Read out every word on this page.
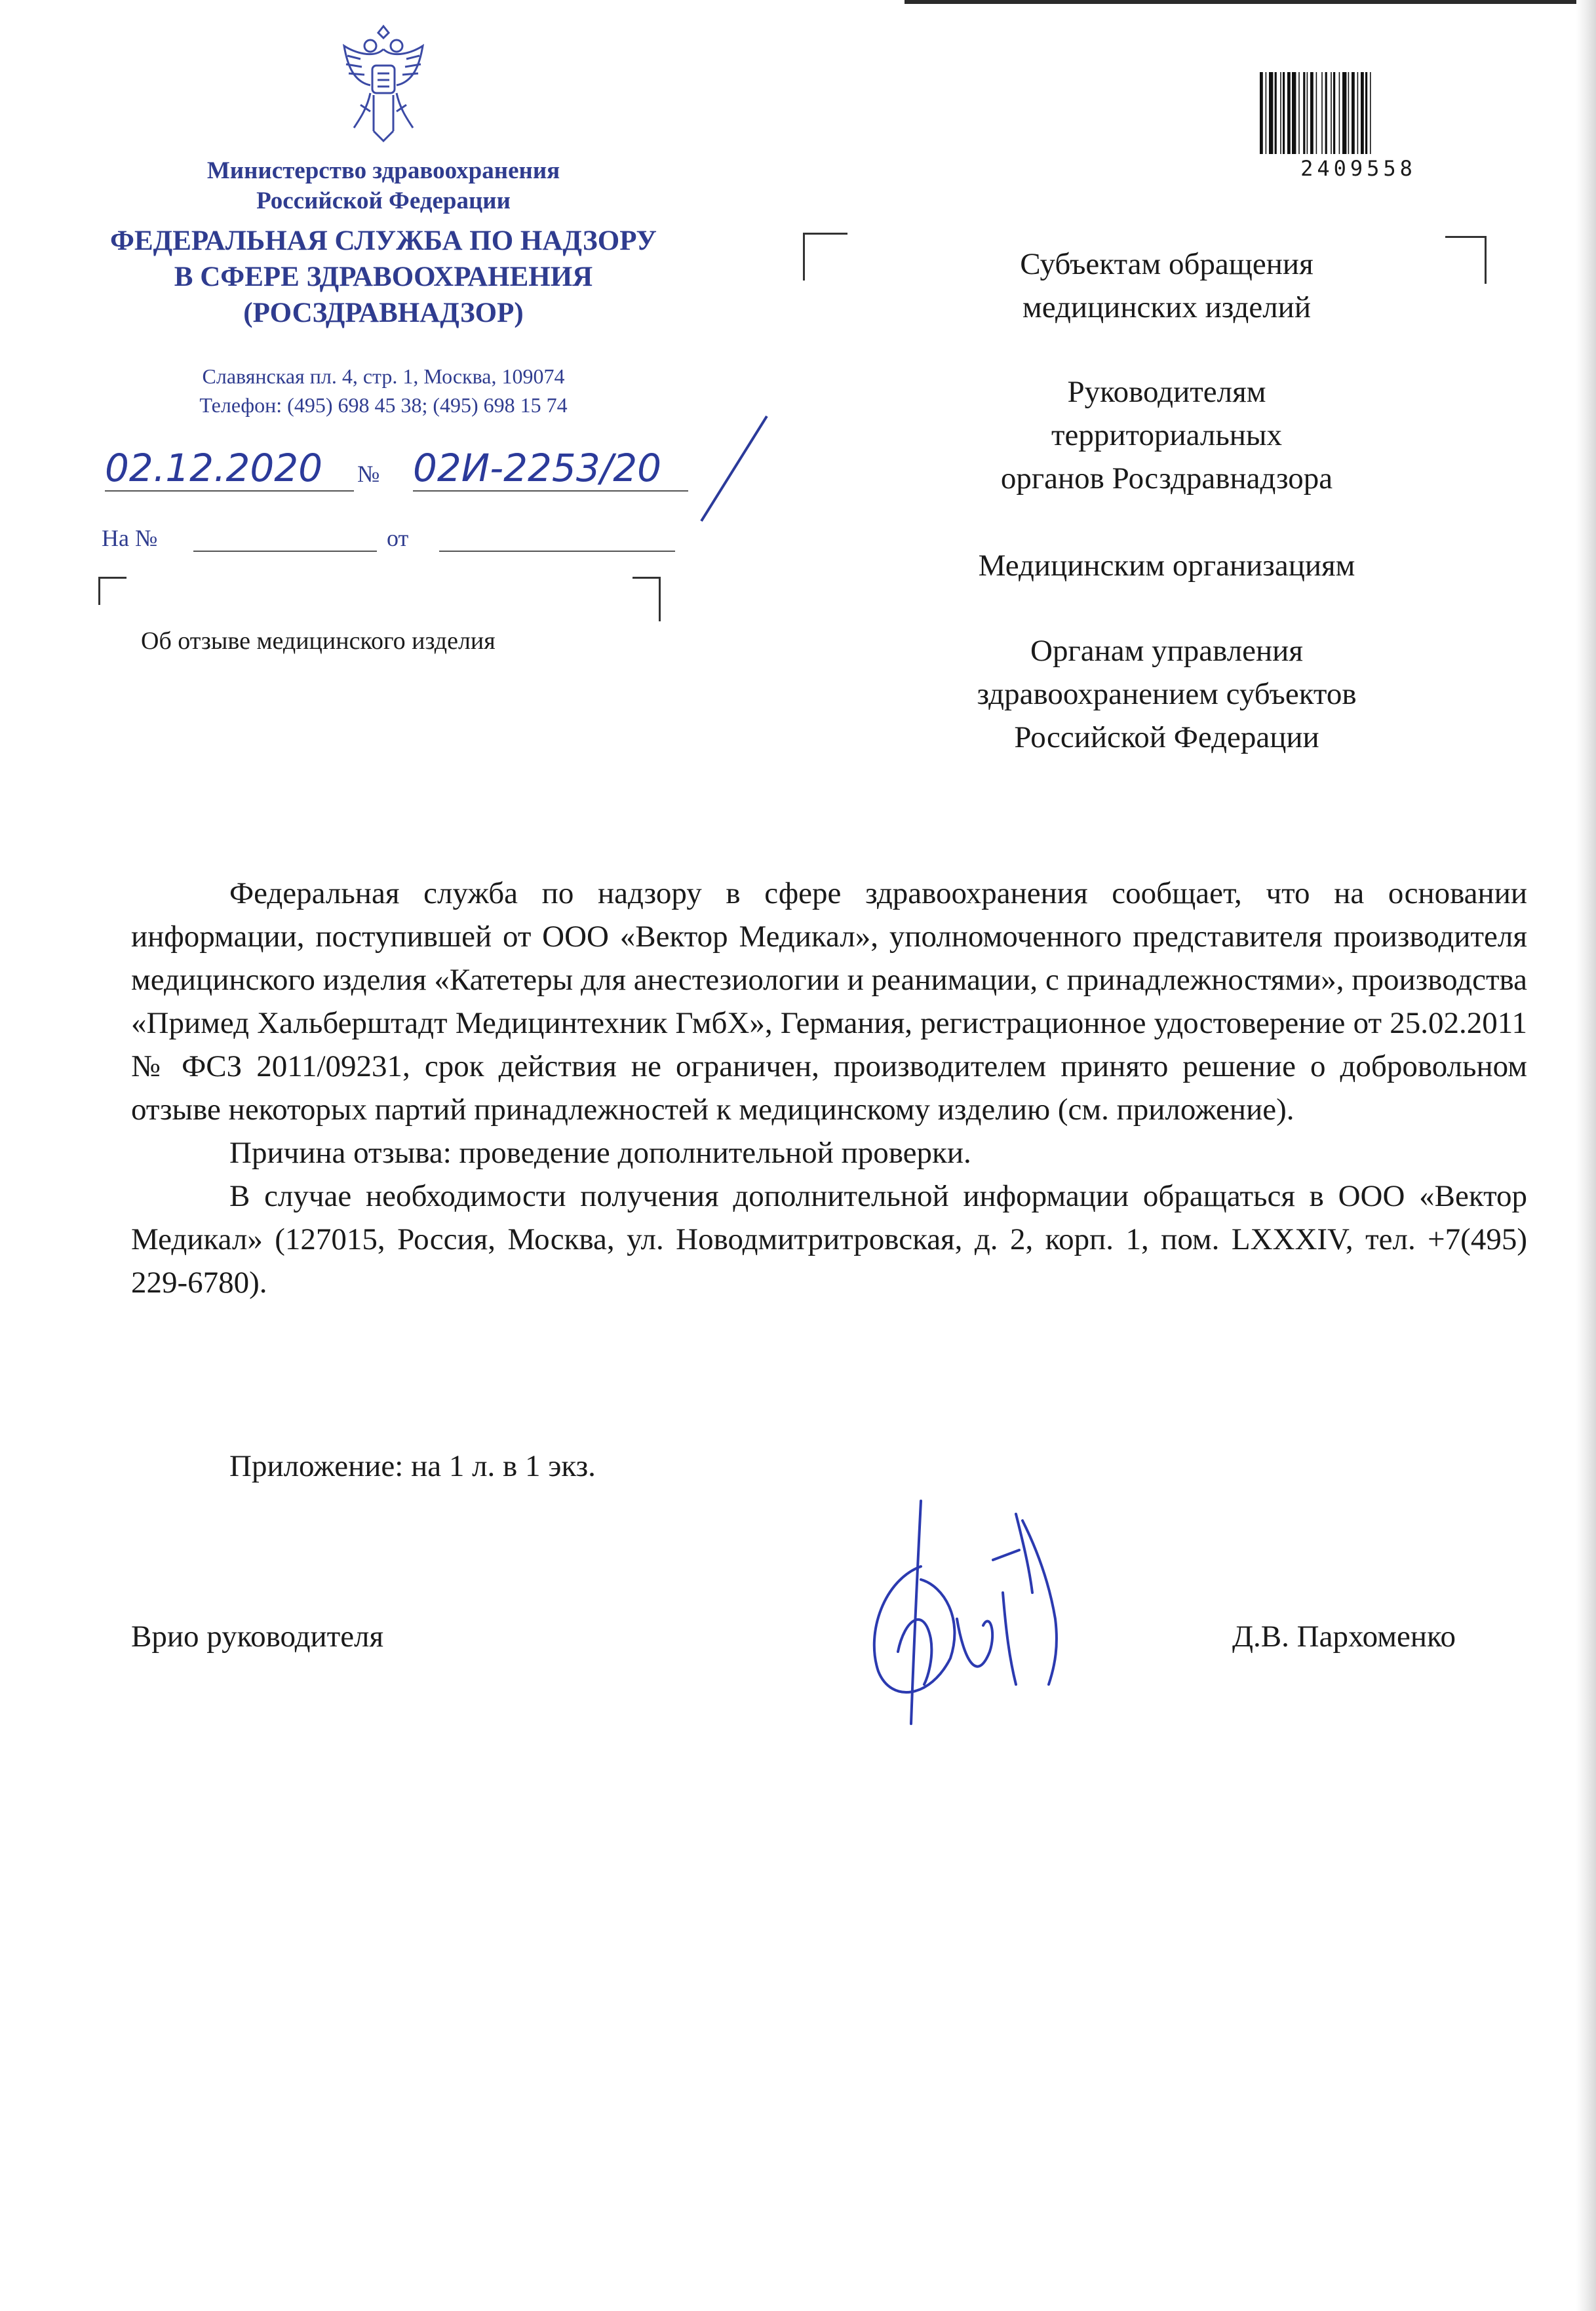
Министерство здравоохранения
Российской Федерации
ФЕДЕРАЛЬНАЯ СЛУЖБА ПО НАДЗОРУ
В СФЕРЕ ЗДРАВООХРАНЕНИЯ
(РОСЗДРАВНАДЗОР)
Славянская пл. 4, стр. 1, Москва, 109074
Телефон: (495) 698 45 38; (495) 698 15 74
02.12.2020	№ 02И-2253/20
На №	от
Об отзыве медицинского изделия
2409558
Субъектам обращения
медицинских изделий
Руководителям
территориальных
органов Росздравнадзора
Медицинским организациям
Органам управления
здравоохранением субъектов
Российской Федерации

Федеральная служба по надзору в сфере здравоохранения сообщает, что на основании информации, поступившей от ООО «Вектор Медикал», уполномоченного представителя производителя медицинского изделия «Катетеры для анестезиологии и реанимации, с принадлежностями», производства «Примед Хальберштадт Медицинтехник ГмбХ», Германия, регистрационное удостоверение от 25.02.2011 № ФСЗ 2011/09231, срок действия не ограничен, производителем принято решение о добровольном отзыве некоторых партий принадлежностей к медицинскому изделию (см. приложение).

Причина отзыва: проведение дополнительной проверки.

В случае необходимости получения дополнительной информации обращаться в ООО «Вектор Медикал» (127015, Россия, Москва, ул. Новодмитритровская, д. 2, корп. 1, пом. LXXXIV, тел. +7(495) 229-6780).

Приложение: на 1 л. в 1 экз.
Врио руководителя	Д.В. Пархоменко
